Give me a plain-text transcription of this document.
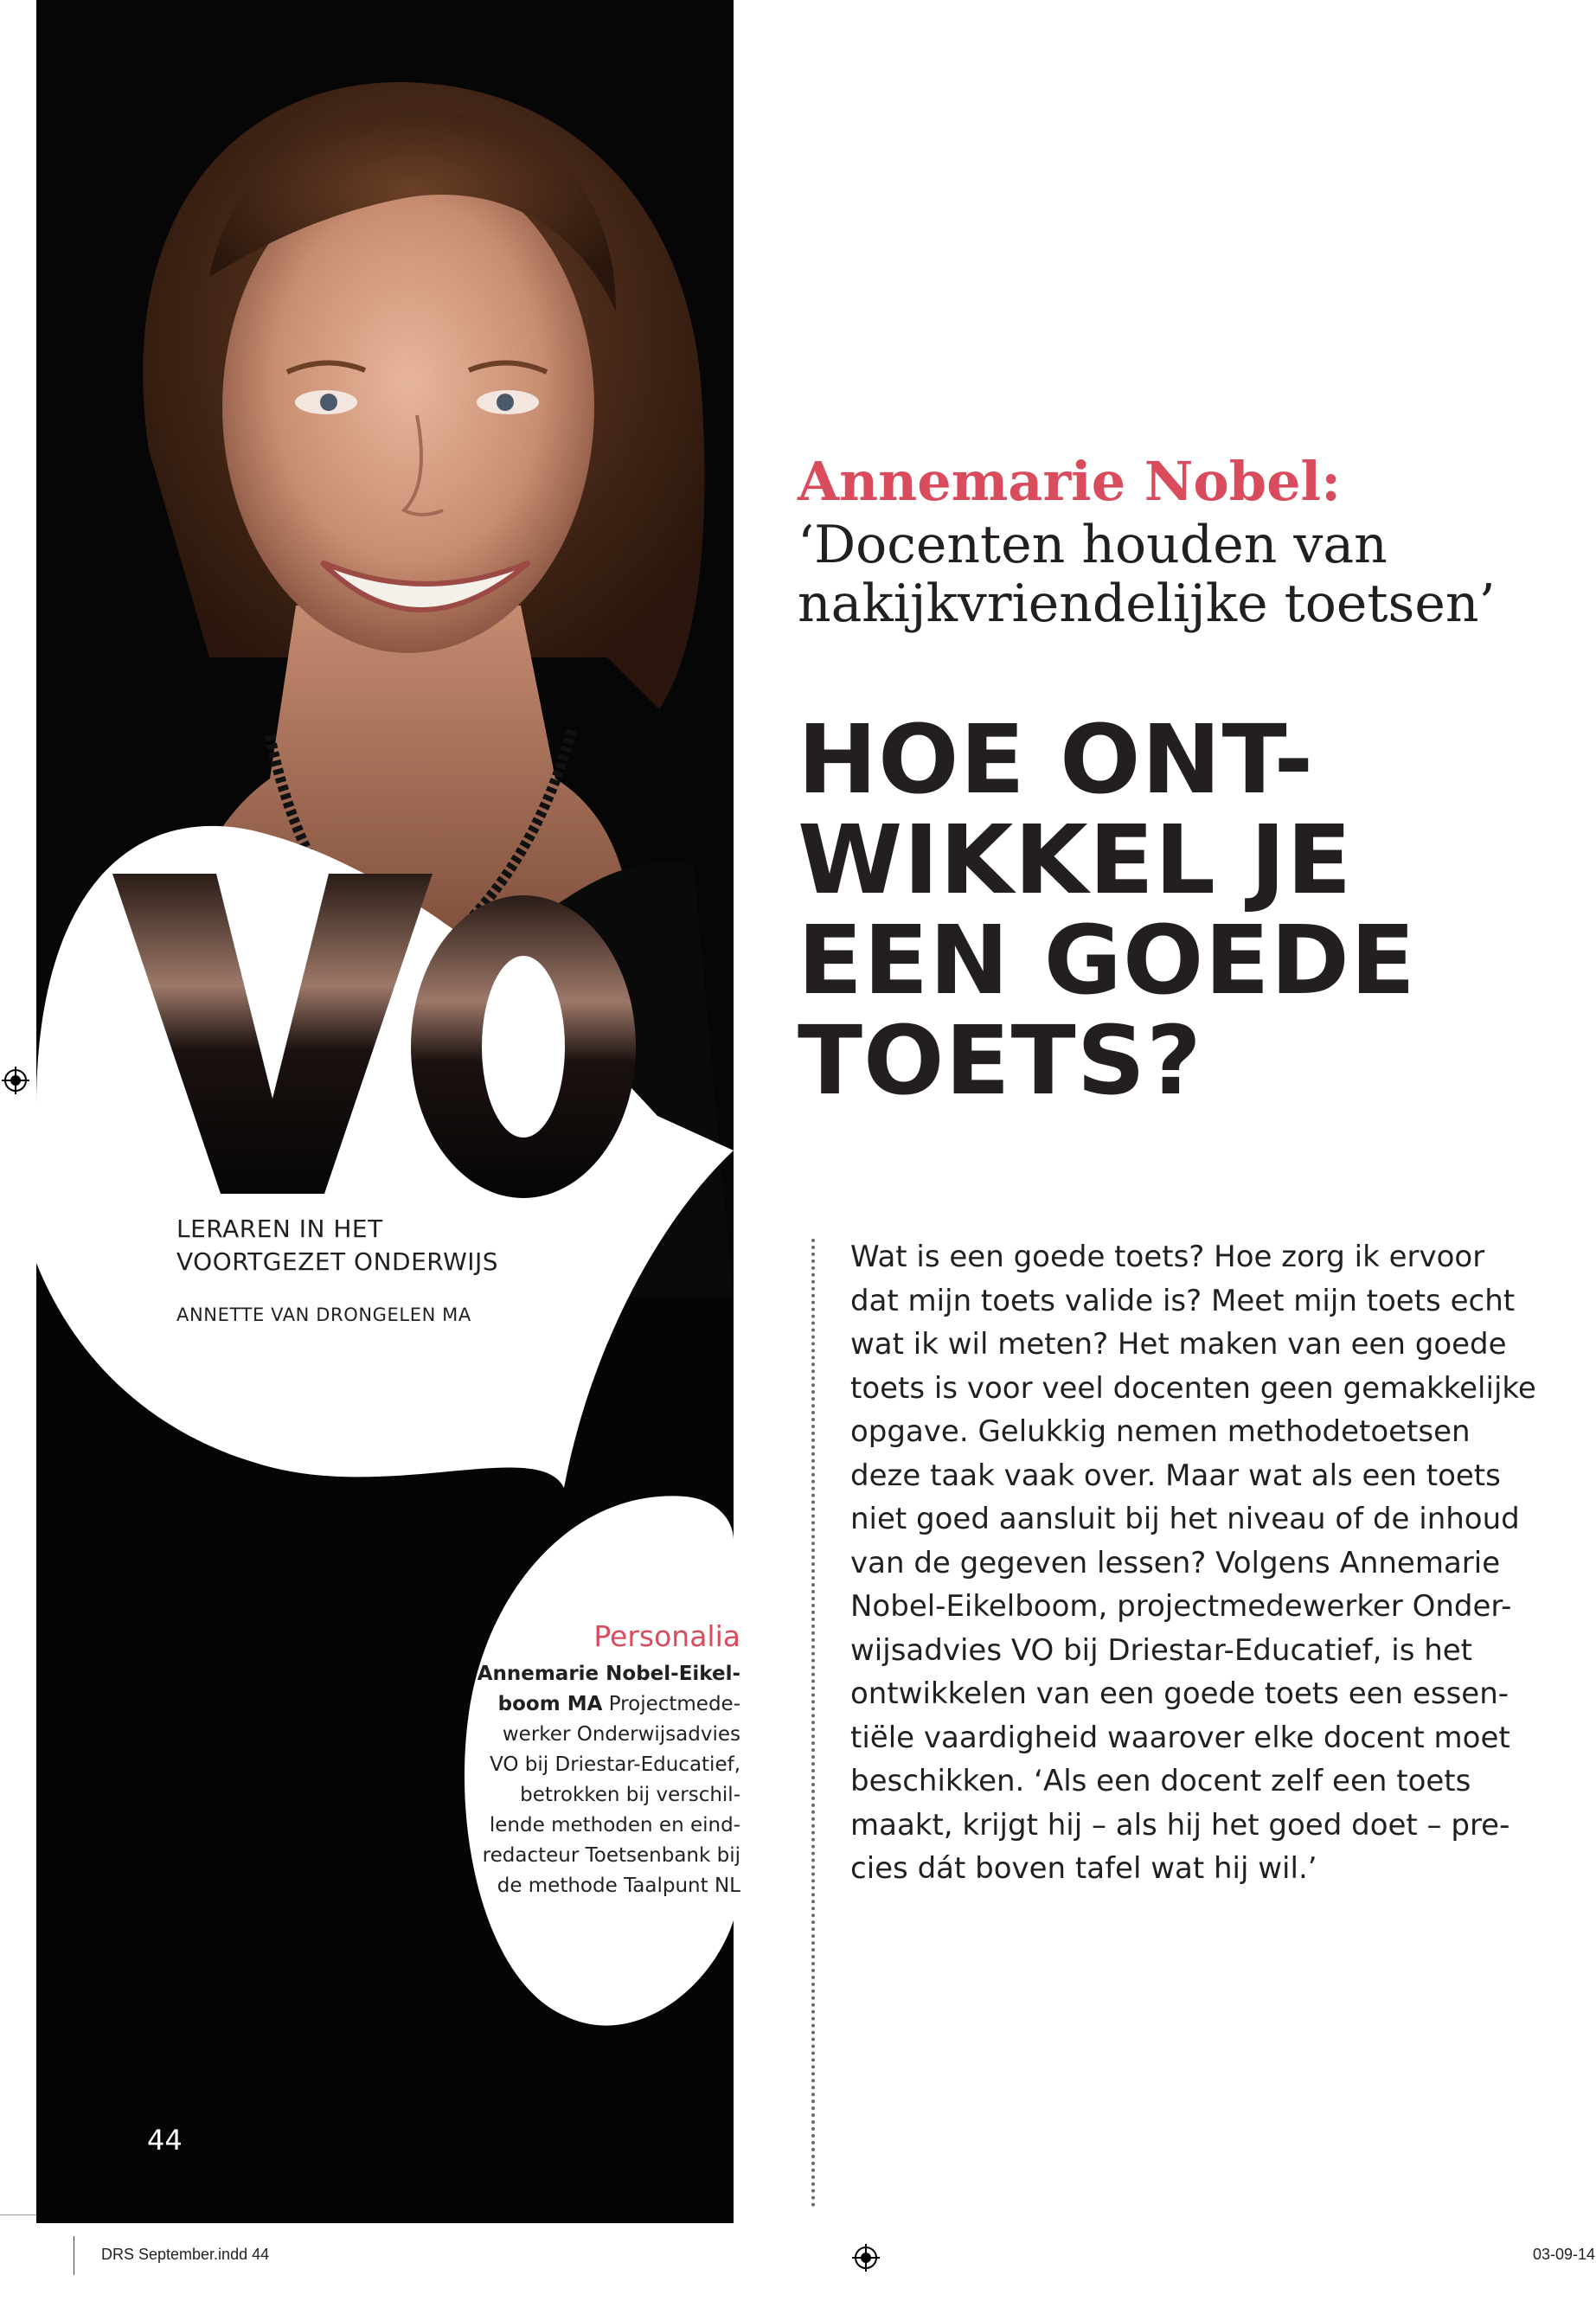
LERAREN IN HET
VOORTGEZET ONDERWIJS
ANNETTE VAN DRONGELEN MA
Personalia
Annemarie Nobel-Eikel-
boom MA Projectmede-
werker Onderwijsadvies
VO bij Driestar-Educatief,
betrokken bij verschil-
lende methoden en eind-
redacteur Toetsenbank bij
de methode Taalpunt NL
44
Annemarie Nobel:
‘Docenten houden van
nakijkvriendelijke toetsen’
HOE ONT-
WIKKEL JE
EEN GOEDE
TOETS?
Wat is een goede toets? Hoe zorg ik ervoor
dat mijn toets valide is? Meet mijn toets echt
wat ik wil meten? Het maken van een goede
toets is voor veel docenten geen gemakkelijke
opgave. Gelukkig nemen methodetoetsen
deze taak vaak over. Maar wat als een toets
niet goed aansluit bij het niveau of de inhoud
van de gegeven lessen? Volgens Annemarie
Nobel-Eikelboom, projectmedewerker Onder-
wijsadvies VO bij Driestar-Educatief, is het
ontwikkelen van een goede toets een essen-
tiële vaardigheid waarover elke docent moet
beschikken. ‘Als een docent zelf een toets
maakt, krijgt hij – als hij het goed doet – pre-
cies dát boven tafel wat hij wil.’
DRS September.indd 44	03-09-14
